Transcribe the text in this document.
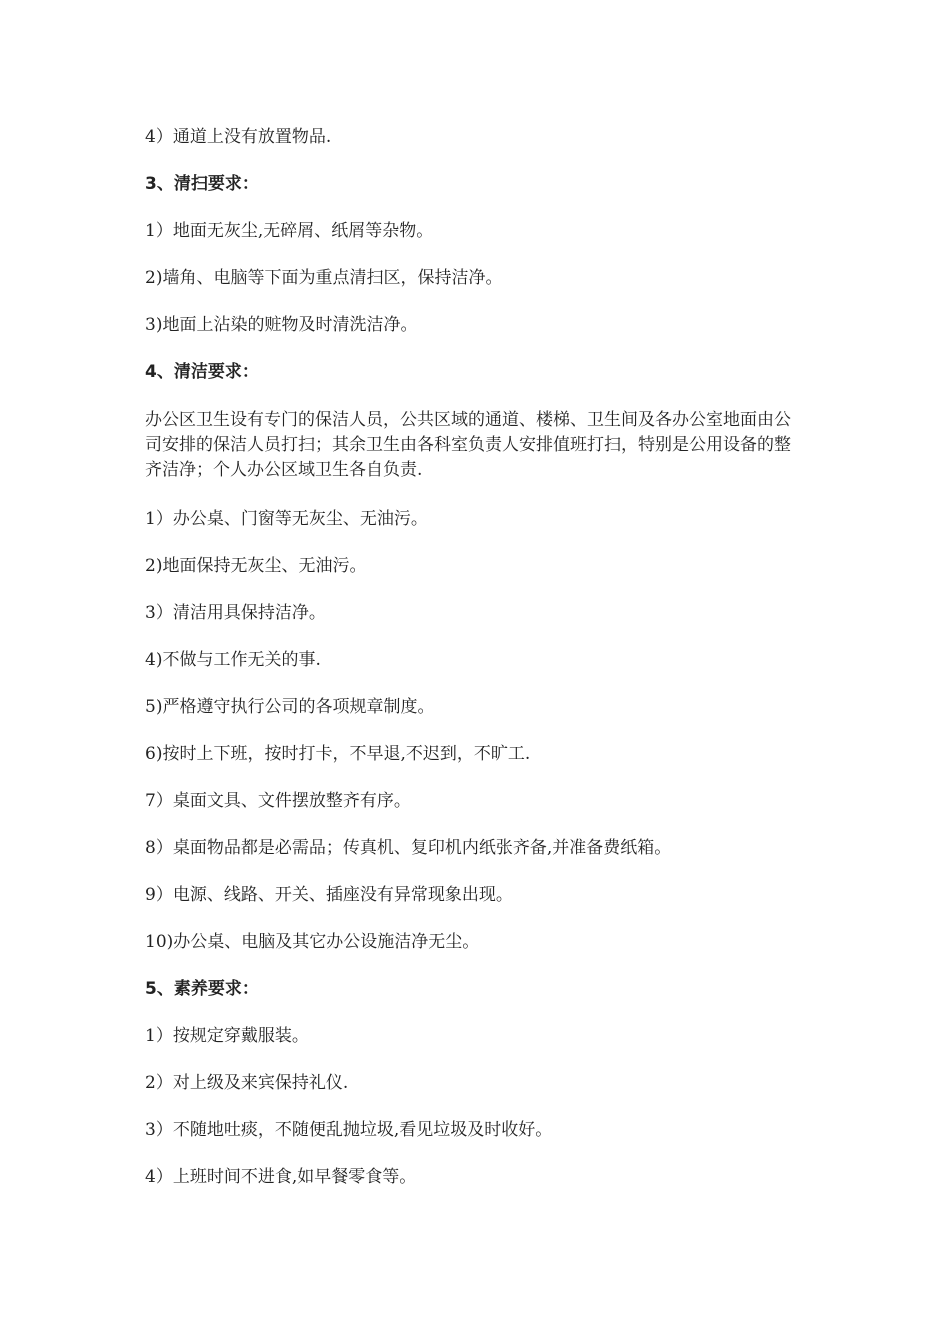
4）通道上没有放置物品.

3、清扫要求：

1）地面无灰尘,无碎屑、纸屑等杂物。

2)墙角、电脑等下面为重点清扫区，保持洁净。

3)地面上沾染的赃物及时清洗洁净。

4、清洁要求：

办公区卫生设有专门的保洁人员，公共区域的通道、楼梯、卫生间及各办公室地面由公司安排的保洁人员打扫；其余卫生由各科室负责人安排值班打扫，特别是公用设备的整齐洁净；个人办公区域卫生各自负责.

1）办公桌、门窗等无灰尘、无油污。

2)地面保持无灰尘、无油污。

3）清洁用具保持洁净。

4)不做与工作无关的事.

5)严格遵守执行公司的各项规章制度。

6)按时上下班，按时打卡，不早退,不迟到，不旷工.

7）桌面文具、文件摆放整齐有序。

8）桌面物品都是必需品；传真机、复印机内纸张齐备,并准备费纸箱。

9）电源、线路、开关、插座没有异常现象出现。

10)办公桌、电脑及其它办公设施洁净无尘。

5、素养要求：

1）按规定穿戴服装。

2）对上级及来宾保持礼仪.

3）不随地吐痰，不随便乱抛垃圾,看见垃圾及时收好。

4）上班时间不进食,如早餐零食等。
